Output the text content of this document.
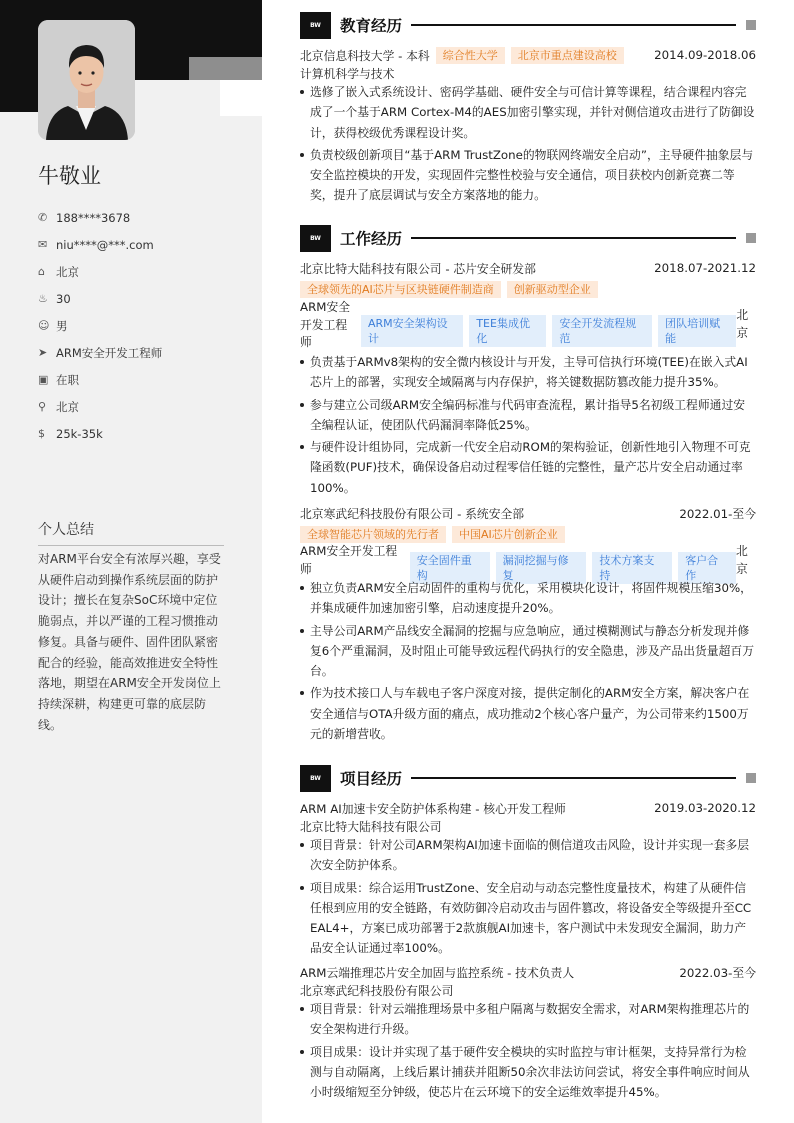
牛敬业
✆ 188****3678
✉ niu****@***.com
⌂ 北京
♨ 30
☺ 男
➤ ARM安全开发工程师
▣ 在职
⚲ 北京
$ 25k-35k
个人总结
对ARM平台安全有浓厚兴趣，享受从硬件启动到操作系统层面的防护设计；擅长在复杂SoC环境中定位脆弱点，并以严谨的工程习惯推动修复。具备与硬件、固件团队紧密配合的经验，能高效推进安全特性落地，期望在ARM安全开发岗位上持续深耕，构建更可靠的底层防线。
BW	教育经历
北京信息科技大学 - 本科	综合性大学	北京市重点建设高校	2014.09-2018.06
计算机科学与技术
选修了嵌入式系统设计、密码学基础、硬件安全与可信计算等课程，结合课程内容完成了一个基于ARM Cortex-M4的AES加密引擎实现，并针对侧信道攻击进行了防御设计，获得校级优秀课程设计奖。
负责校级创新项目“基于ARM TrustZone的物联网终端安全启动”，主导硬件抽象层与安全监控模块的开发，实现固件完整性校验与安全通信，项目获校内创新竞赛二等奖，提升了底层调试与安全方案落地的能力。
BW	工作经历
北京比特大陆科技有限公司 - 芯片安全研发部	2018.07-2021.12
全球领先的AI芯片与区块链硬件制造商	创新驱动型企业
ARM安全开发工程师
ARM安全架构设计
TEE集成优化
安全开发流程规范
团队培训赋能
北京
负责基于ARMv8架构的安全微内核设计与开发，主导可信执行环境(TEE)在嵌入式AI芯片上的部署，实现安全域隔离与内存保护，将关键数据防篡改能力提升35%。
参与建立公司级ARM安全编码标准与代码审查流程，累计指导5名初级工程师通过安全编程认证，使团队代码漏洞率降低25%。
与硬件设计组协同，完成新一代安全启动ROM的架构验证，创新性地引入物理不可克隆函数(PUF)技术，确保设备启动过程零信任链的完整性，量产芯片安全启动通过率100%。
北京寒武纪科技股份有限公司 - 系统安全部	2022.01-至今
全球智能芯片领域的先行者	中国AI芯片创新企业
ARM安全开发工程师
安全固件重构
漏洞挖掘与修复
技术方案支持
客户合作
北京
独立负责ARM安全启动固件的重构与优化，采用模块化设计，将固件规模压缩30%，并集成硬件加速加密引擎，启动速度提升20%。
主导公司ARM产品线安全漏洞的挖掘与应急响应，通过模糊测试与静态分析发现并修复6个严重漏洞，及时阻止可能导致远程代码执行的安全隐患，涉及产品出货量超百万台。
作为技术接口人与车载电子客户深度对接，提供定制化的ARM安全方案，解决客户在安全通信与OTA升级方面的痛点，成功推动2个核心客户量产，为公司带来约1500万元的新增营收。
BW	项目经历
ARM AI加速卡安全防护体系构建 - 核心开发工程师	2019.03-2020.12
北京比特大陆科技有限公司
项目背景：针对公司ARM架构AI加速卡面临的侧信道攻击风险，设计并实现一套多层次安全防护体系。
项目成果：综合运用TrustZone、安全启动与动态完整性度量技术，构建了从硬件信任根到应用的安全链路，有效防御冷启动攻击与固件篡改，将设备安全等级提升至CC EAL4+，方案已成功部署于2款旗舰AI加速卡，客户测试中未发现安全漏洞，助力产品安全认证通过率100%。
ARM云端推理芯片安全加固与监控系统 - 技术负责人	2022.03-至今
北京寒武纪科技股份有限公司
项目背景：针对云端推理场景中多租户隔离与数据安全需求，对ARM架构推理芯片的安全架构进行升级。
项目成果：设计并实现了基于硬件安全模块的实时监控与审计框架，支持异常行为检测与自动隔离，上线后累计捕获并阻断50余次非法访问尝试，将安全事件响应时间从小时级缩短至分钟级，使芯片在云环境下的安全运维效率提升45%。
